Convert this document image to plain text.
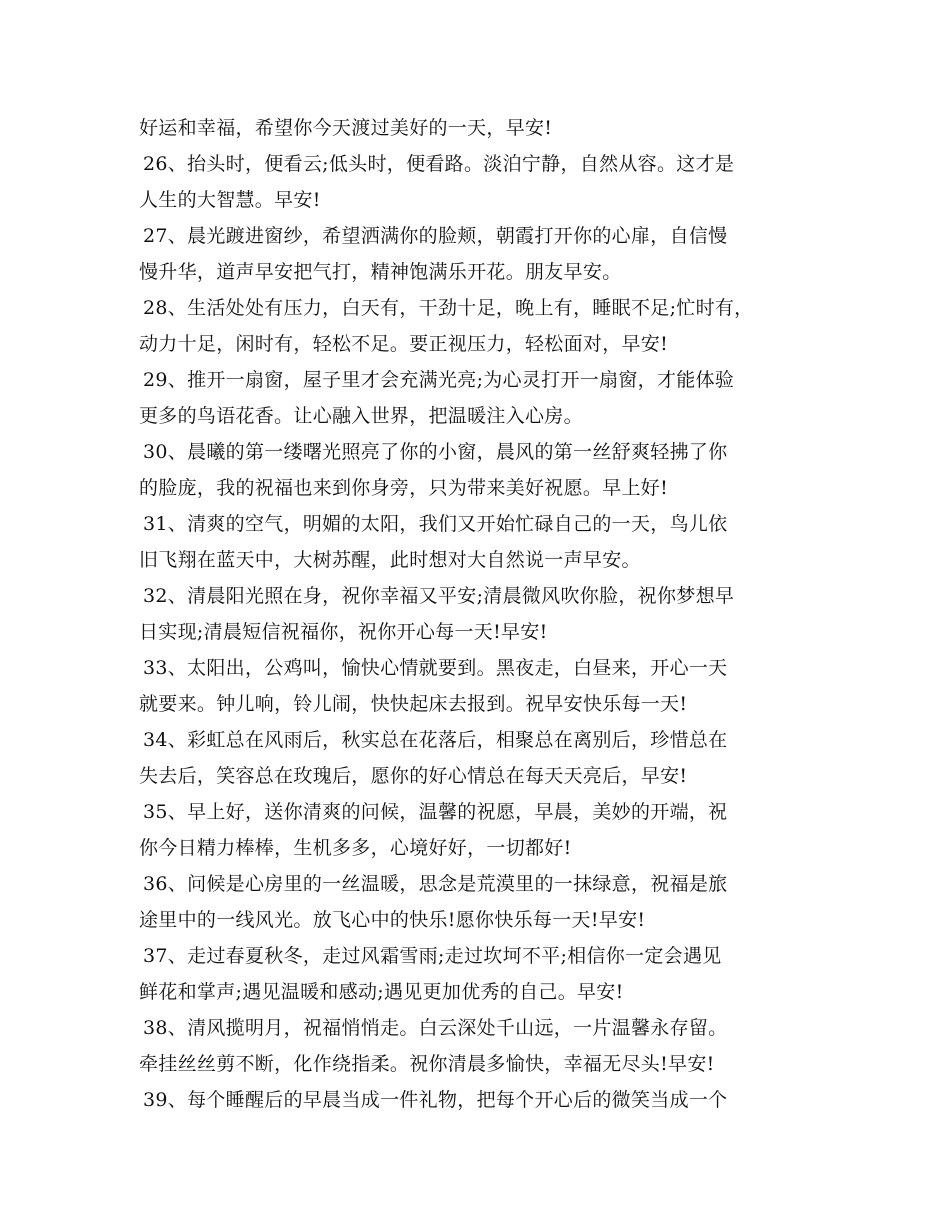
好运和幸福，希望你今天渡过美好的一天，早安!
26、抬头时，便看云;低头时，便看路。淡泊宁静，自然从容。这才是
人生的大智慧。早安!
27、晨光踱进窗纱，希望洒满你的脸颊，朝霞打开你的心扉，自信慢
慢升华，道声早安把气打，精神饱满乐开花。朋友早安。
28、生活处处有压力，白天有，干劲十足，晚上有，睡眠不足;忙时有，
动力十足，闲时有，轻松不足。要正视压力，轻松面对，早安!
29、推开一扇窗，屋子里才会充满光亮;为心灵打开一扇窗，才能体验
更多的鸟语花香。让心融入世界，把温暖注入心房。
30、晨曦的第一缕曙光照亮了你的小窗，晨风的第一丝舒爽轻拂了你
的脸庞，我的祝福也来到你身旁，只为带来美好祝愿。早上好!
31、清爽的空气，明媚的太阳，我们又开始忙碌自己的一天，鸟儿依
旧飞翔在蓝天中，大树苏醒，此时想对大自然说一声早安。
32、清晨阳光照在身，祝你幸福又平安;清晨微风吹你脸，祝你梦想早
日实现;清晨短信祝福你，祝你开心每一天!早安!
33、太阳出，公鸡叫，愉快心情就要到。黑夜走，白昼来，开心一天
就要来。钟儿响，铃儿闹，快快起床去报到。祝早安快乐每一天!
34、彩虹总在风雨后，秋实总在花落后，相聚总在离别后，珍惜总在
失去后，笑容总在玫瑰后，愿你的好心情总在每天天亮后，早安!
35、早上好，送你清爽的问候，温馨的祝愿，早晨，美妙的开端，祝
你今日精力棒棒，生机多多，心境好好，一切都好!
36、问候是心房里的一丝温暖，思念是荒漠里的一抹绿意，祝福是旅
途里中的一线风光。放飞心中的快乐!愿你快乐每一天!早安!
37、走过春夏秋冬，走过风霜雪雨;走过坎坷不平;相信你一定会遇见
鲜花和掌声;遇见温暖和感动;遇见更加优秀的自己。早安!
38、清风揽明月，祝福悄悄走。白云深处千山远，一片温馨永存留。
牵挂丝丝剪不断，化作绕指柔。祝你清晨多愉快，幸福无尽头!早安!
39、每个睡醒后的早晨当成一件礼物，把每个开心后的微笑当成一个
